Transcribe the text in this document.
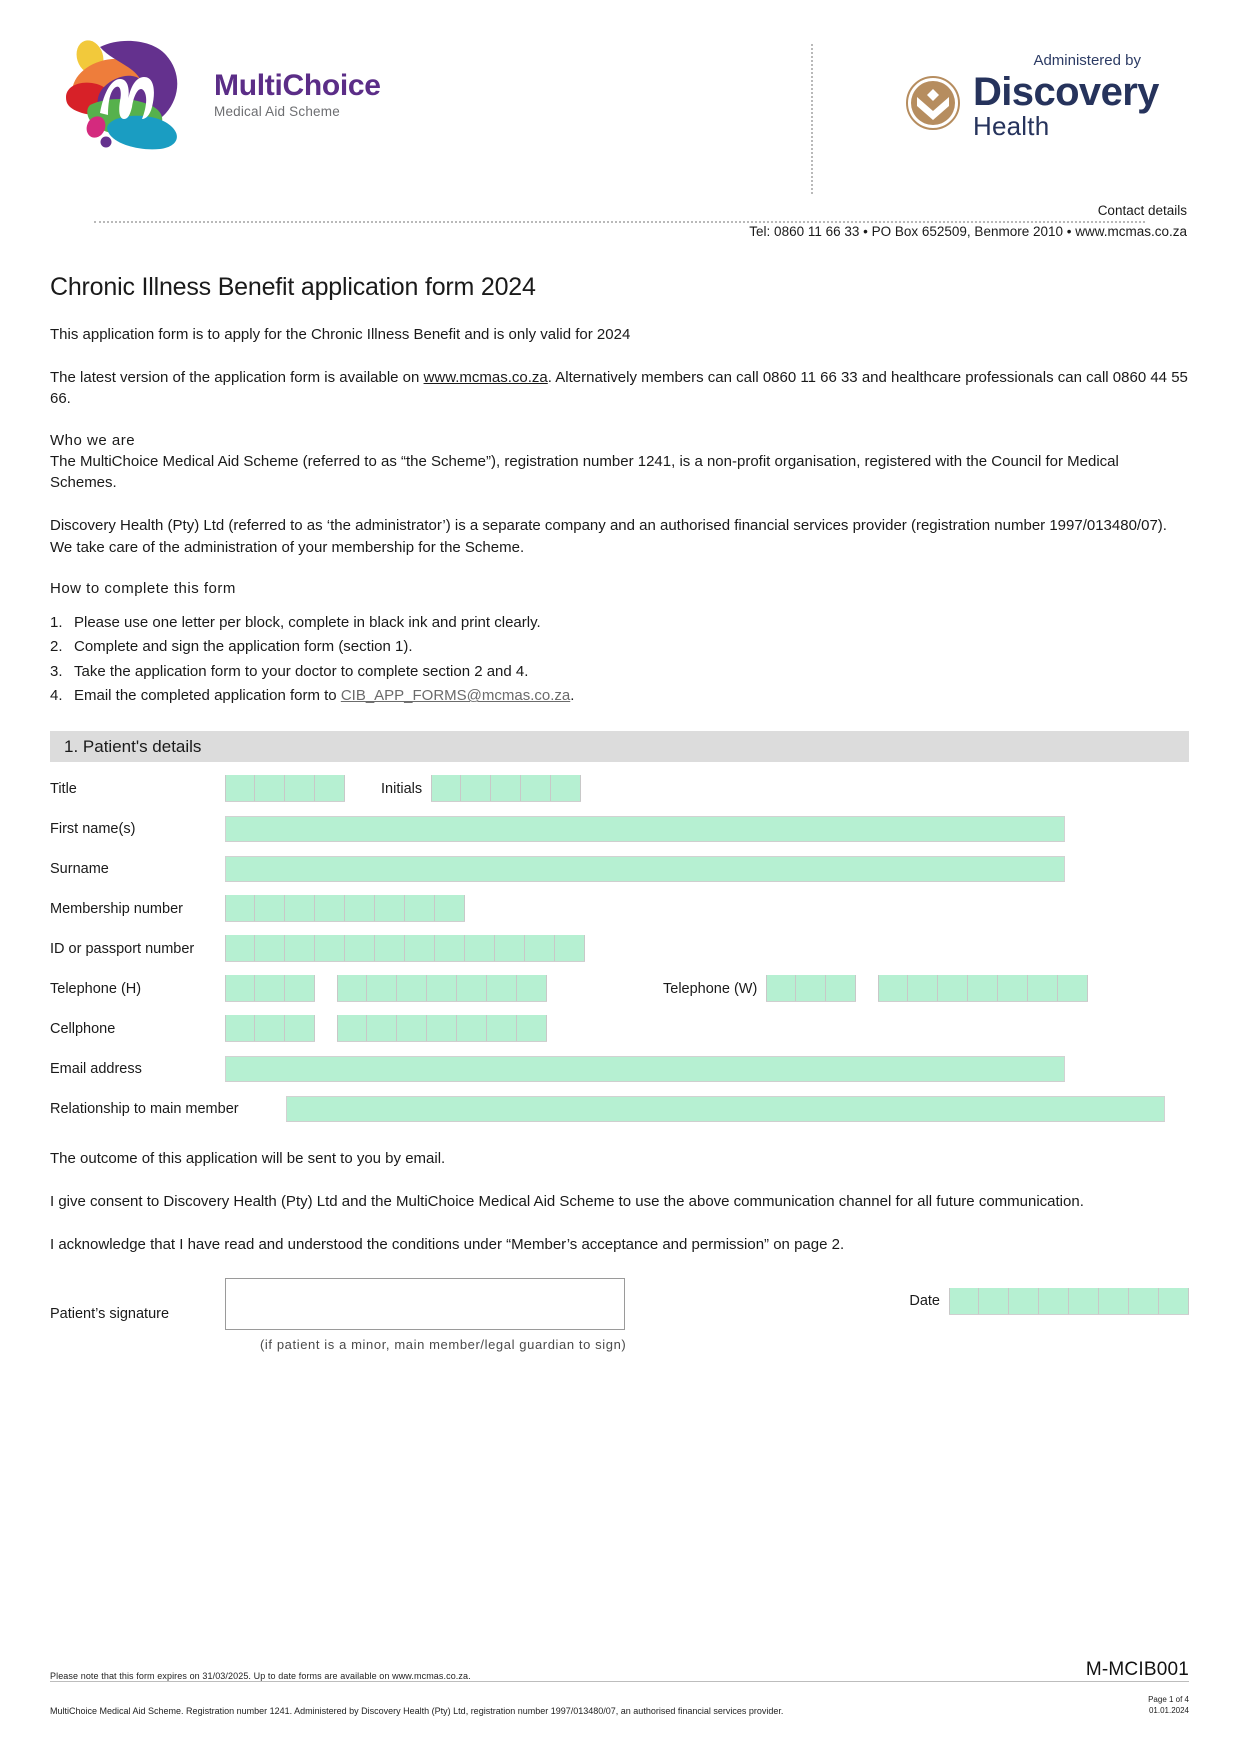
MultiChoice
Medical Aid Scheme
Administered by
Discovery
Health
Contact details
Tel: 0860 11 66 33 • PO Box 652509, Benmore 2010 • www.mcmas.co.za
Chronic Illness Benefit application form 2024

This application form is to apply for the Chronic Illness Benefit and is only valid for 2024

The latest version of the application form is available on www.mcmas.co.za. Alternatively members can call 0860 11 66 33 and healthcare professionals can call 0860 44 55 66.

Who we are

The MultiChoice Medical Aid Scheme (referred to as “the Scheme”), registration number 1241, is a non-profit organisation, registered with the Council for Medical Schemes.

Discovery Health (Pty) Ltd (referred to as ‘the administrator’) is a separate company and an authorised financial services provider (registration number 1997/013480/07). We take care of the administration of your membership for the Scheme.

How to complete this form
1. Please use one letter per block, complete in black ink and print clearly.
2. Complete and sign the application form (section 1).
3. Take the application form to your doctor to complete section 2 and 4.
4. Email the completed application form to CIB_APP_FORMS@mcmas.co.za.
1. Patient's details
Title	Initials
First name(s)
Surname
Membership number
ID or passport number
Telephone (H)	Telephone (W)
Cellphone
Email address
Relationship to main member

The outcome of this application will be sent to you by email.

I give consent to Discovery Health (Pty) Ltd and the MultiChoice Medical Aid Scheme to use the above communication channel for all future communication.

I acknowledge that I have read and understood the conditions under “Member’s acceptance and permission” on page 2.

Patient’s signature
(if patient is a minor, main member/legal guardian to sign)
Date
Please note that this form expires on 31/03/2025. Up to date forms are available on www.mcmas.co.za.	M-MCIB001
MultiChoice Medical Aid Scheme. Registration number 1241. Administered by Discovery Health (Pty) Ltd, registration number 1997/013480/07, an authorised financial services provider.
Page 1 of 4
01.01.2024
